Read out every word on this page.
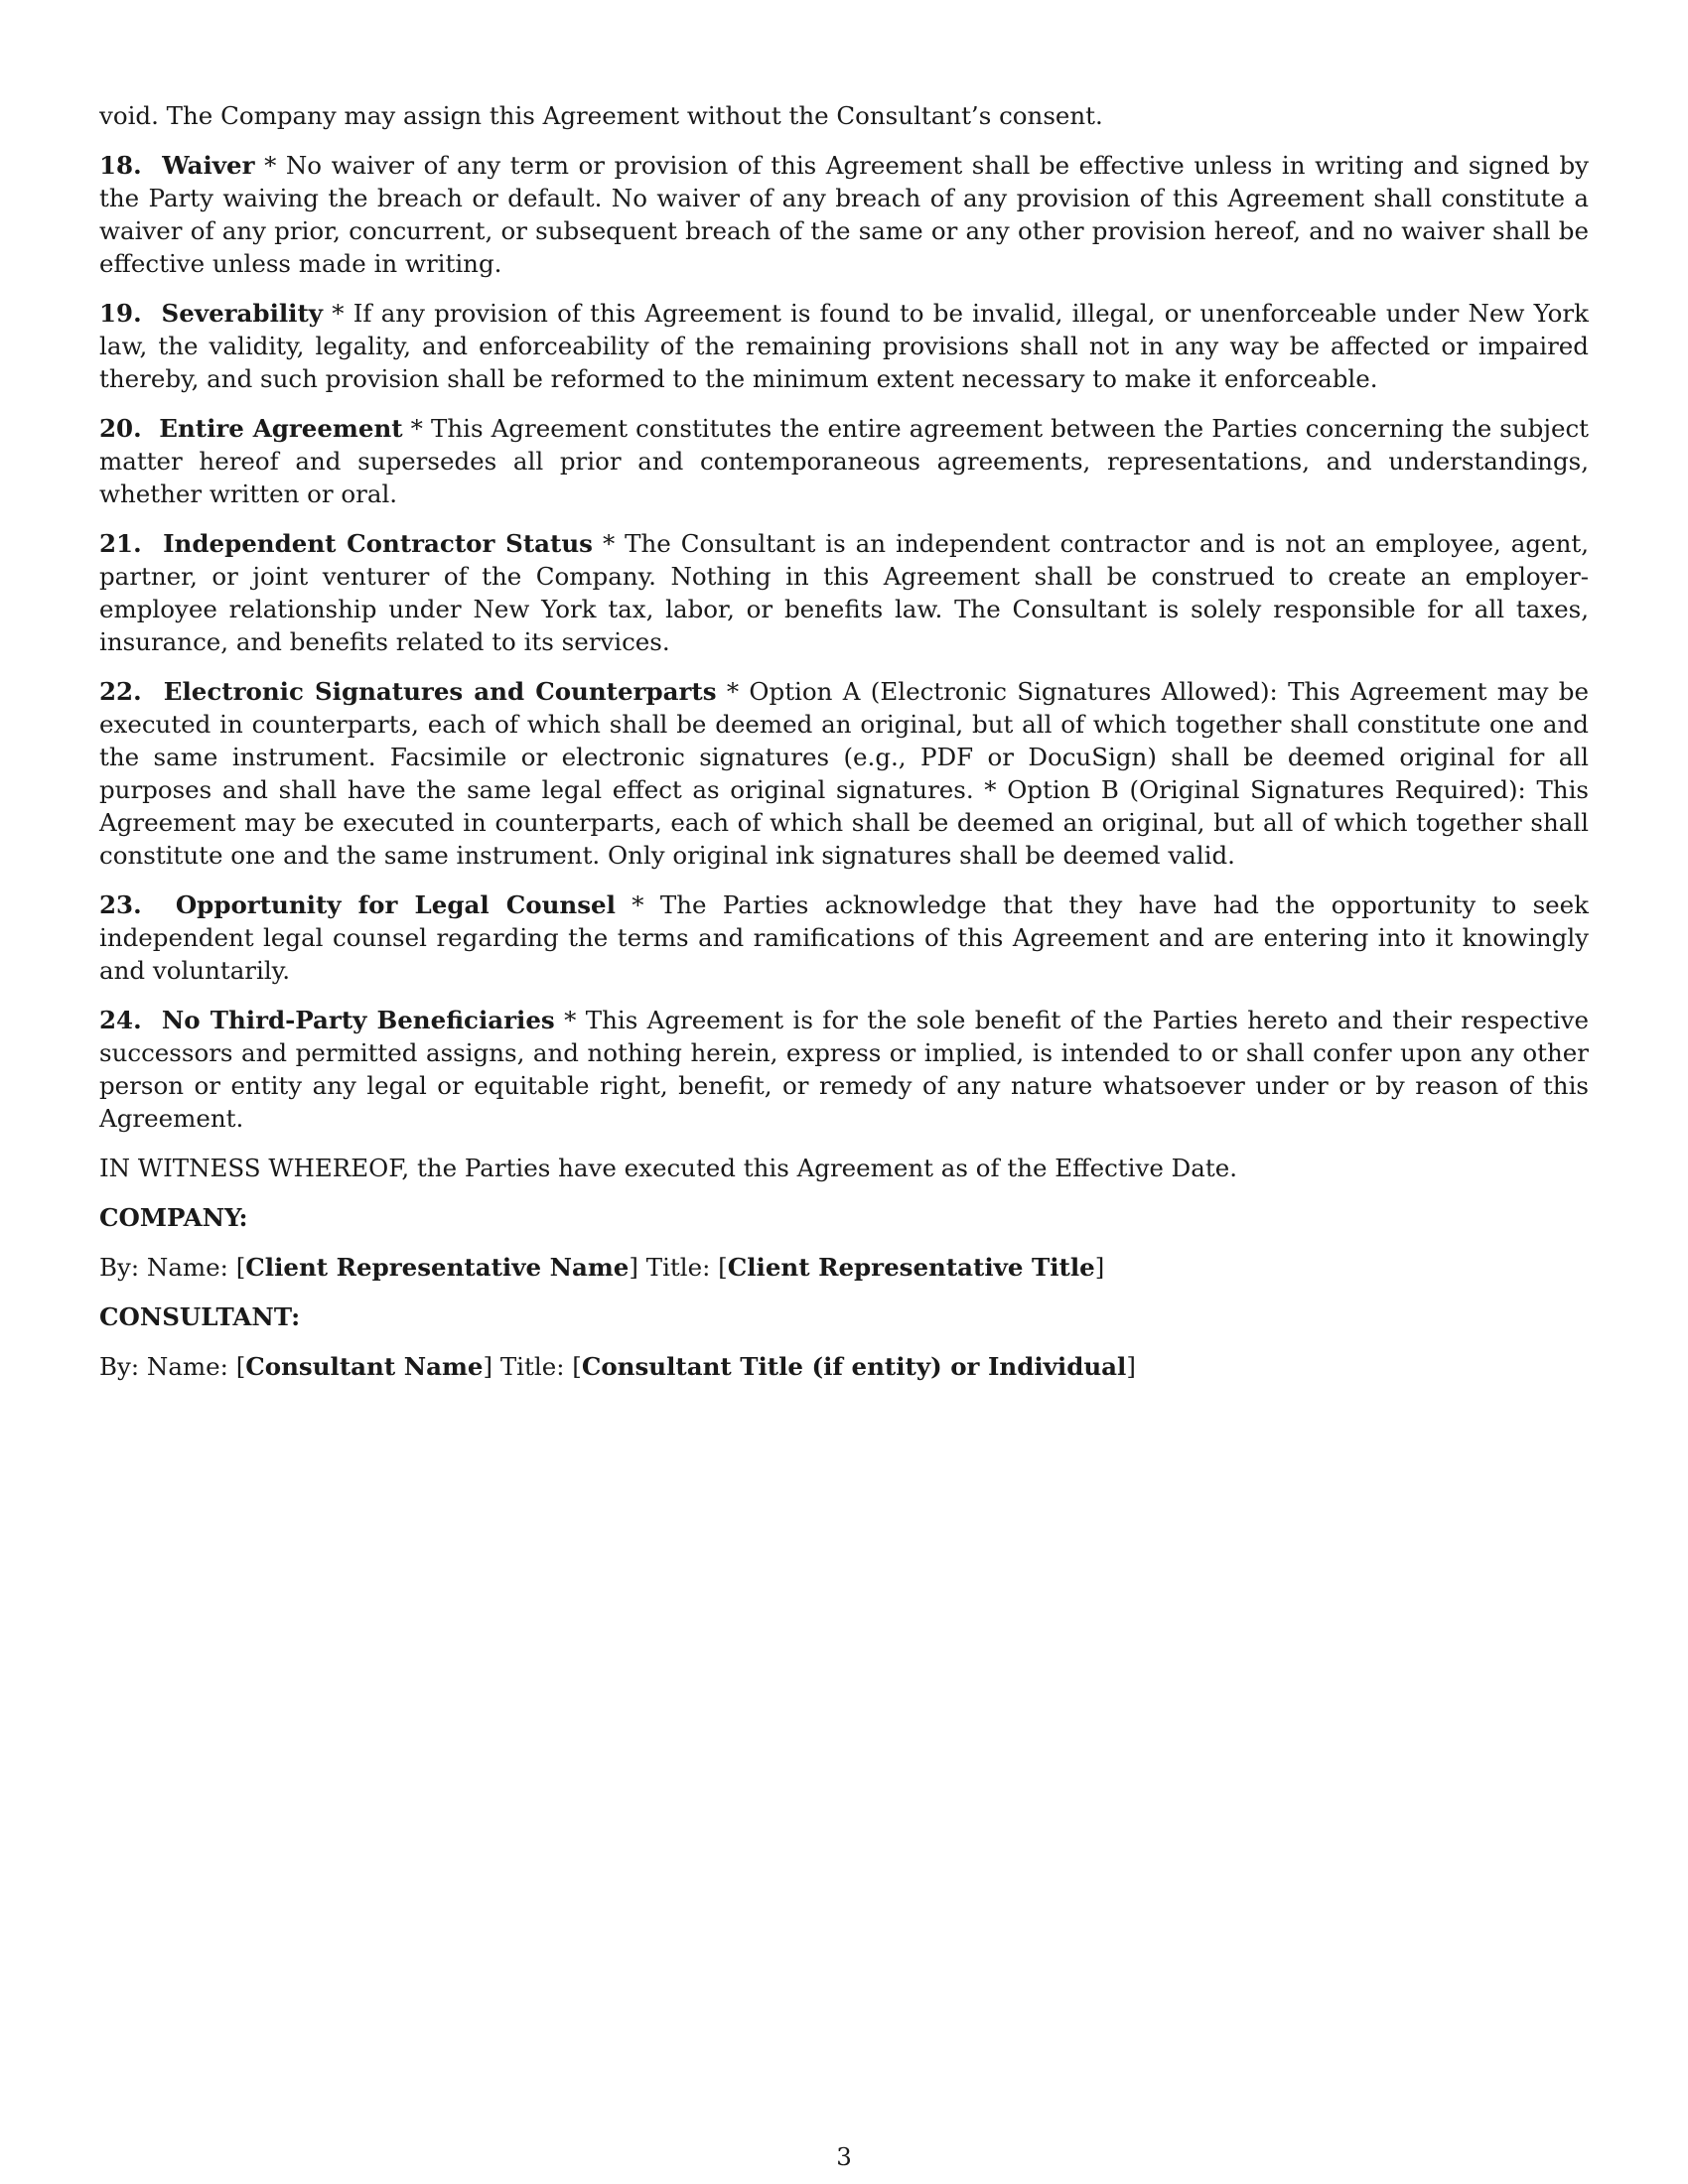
void. The Company may assign this Agreement without the Consultant’s consent.

18. Waiver * No waiver of any term or provision of this Agreement shall be effective unless in writing and signed by the Party waiving the breach or default. No waiver of any breach of any provision of this Agreement shall constitute a waiver of any prior, concurrent, or subsequent breach of the same or any other provision hereof, and no waiver shall be effective unless made in writing.

19. Severability * If any provision of this Agreement is found to be invalid, illegal, or unenforceable under New York law, the validity, legality, and enforceability of the remaining provisions shall not in any way be affected or impaired thereby, and such provision shall be reformed to the minimum extent necessary to make it enforceable.

20. Entire Agreement * This Agreement constitutes the entire agreement between the Parties concerning the subject matter hereof and supersedes all prior and contemporaneous agreements, representations, and understandings, whether written or oral.

21. Independent Contractor Status * The Consultant is an independent contractor and is not an employee, agent, partner, or joint venturer of the Company. Nothing in this Agreement shall be construed to create an employer-employee relationship under New York tax, labor, or benefits law. The Consultant is solely responsible for all taxes, insurance, and benefits related to its services.

22. Electronic Signatures and Counterparts * Option A (Electronic Signatures Allowed): This Agreement may be executed in counterparts, each of which shall be deemed an original, but all of which together shall constitute one and the same instrument. Facsimile or electronic signatures (e.g., PDF or DocuSign) shall be deemed original for all purposes and shall have the same legal effect as original signatures. * Option B (Original Signatures Required): This Agreement may be executed in counterparts, each of which shall be deemed an original, but all of which together shall constitute one and the same instrument. Only original ink signatures shall be deemed valid.

23. Opportunity for Legal Counsel * The Parties acknowledge that they have had the opportunity to seek independent legal counsel regarding the terms and ramifications of this Agreement and are entering into it knowingly and voluntarily.

24. No Third-Party Beneficiaries * This Agreement is for the sole benefit of the Parties hereto and their respective successors and permitted assigns, and nothing herein, express or implied, is intended to or shall confer upon any other person or entity any legal or equitable right, benefit, or remedy of any nature whatsoever under or by reason of this Agreement.

IN WITNESS WHEREOF, the Parties have executed this Agreement as of the Effective Date.

COMPANY:

By: Name: [Client Representative Name] Title: [Client Representative Title]

CONSULTANT:

By: Name: [Consultant Name] Title: [Consultant Title (if entity) or Individual]

3
